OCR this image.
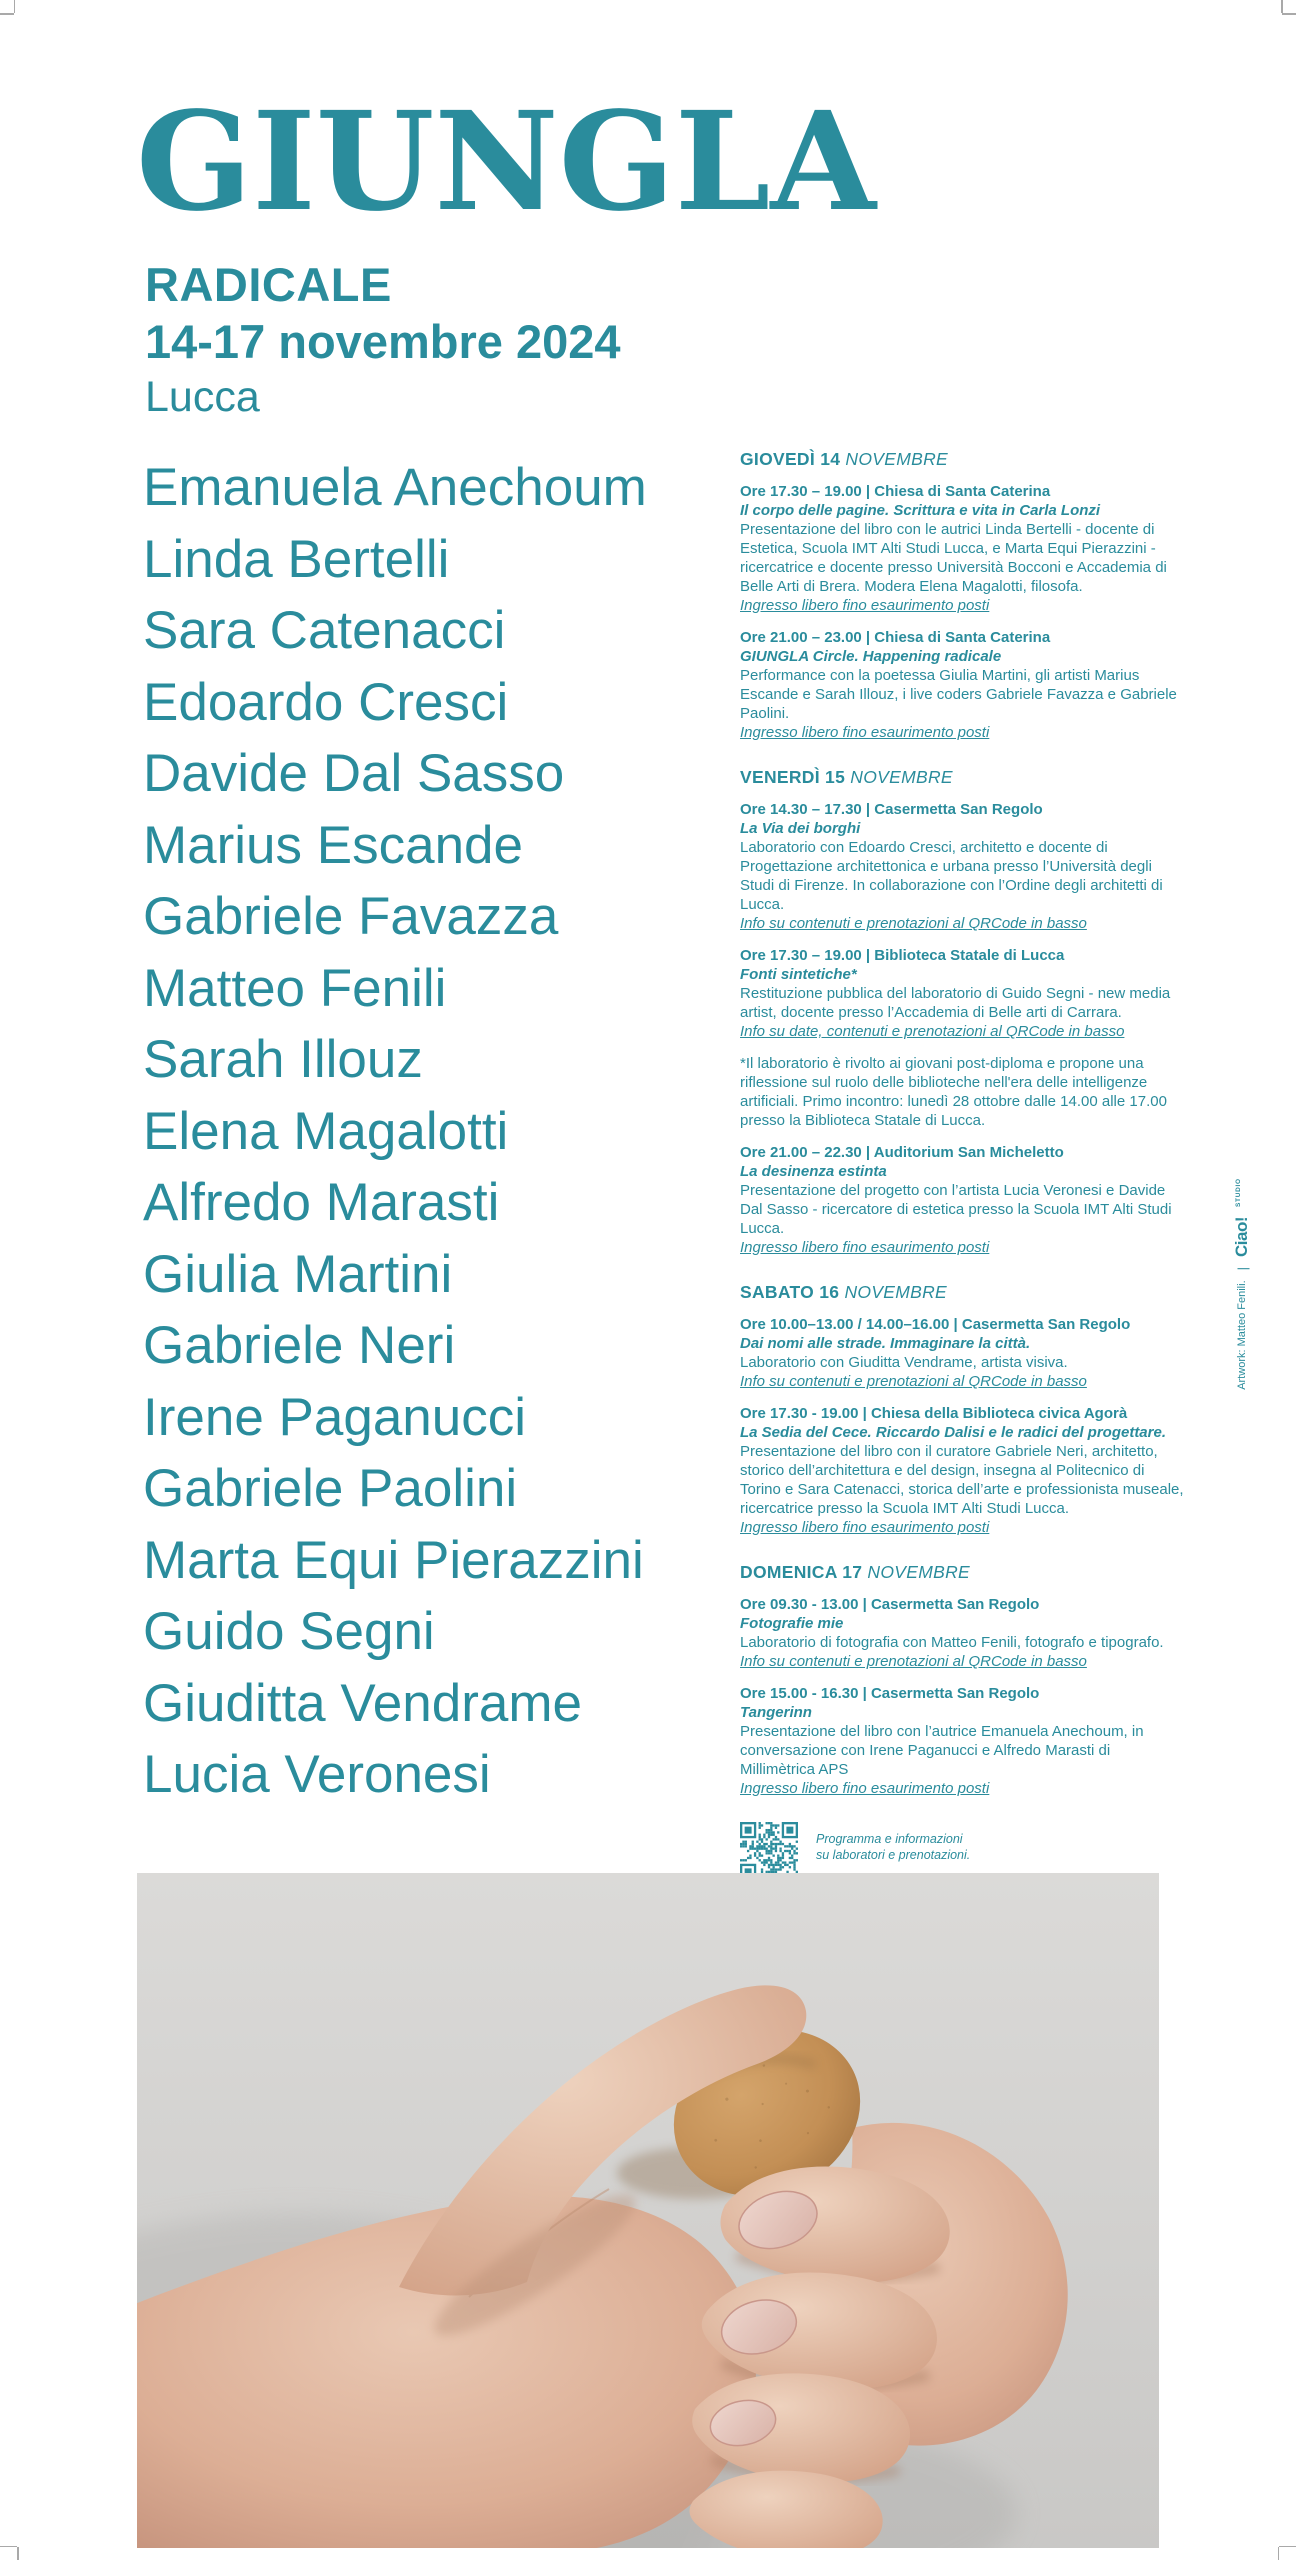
GIUNGLA
RADICALE
14-17 novembre 2024
Lucca
Emanuela Anechoum
Linda Bertelli
Sara Catenacci
Edoardo Cresci
Davide Dal Sasso
Marius Escande
Gabriele Favazza
Matteo Fenili
Sarah Illouz
Elena Magalotti
Alfredo Marasti
Giulia Martini
Gabriele Neri
Irene Paganucci
Gabriele Paolini
Marta Equi Pierazzini
Guido Segni
Giuditta Vendrame
Lucia Veronesi
GIOVEDÌ 14 NOVEMBRE
Ore 17.30 – 19.00 | Chiesa di Santa Caterina
Il corpo delle pagine. Scrittura e vita in Carla Lonzi
Presentazione del libro con le autrici Linda Bertelli - docente di Estetica, Scuola IMT Alti Studi Lucca, e Marta Equi Pierazzini - ricercatrice e docente presso Università Bocconi e Accademia di Belle Arti di Brera. Modera Elena Magalotti, filosofa.
Ingresso libero fino esaurimento posti
Ore 21.00 – 23.00 | Chiesa di Santa Caterina
GIUNGLA Circle. Happening radicale
Performance con la poetessa Giulia Martini, gli artisti Marius Escande e Sarah Illouz, i live coders Gabriele Favazza e Gabriele Paolini.
Ingresso libero fino esaurimento posti
VENERDÌ 15 NOVEMBRE
Ore 14.30 – 17.30 | Casermetta San Regolo
La Via dei borghi
Laboratorio con Edoardo Cresci, architetto e docente di Progettazione architettonica e urbana presso l’Università degli Studi di Firenze. In collaborazione con l’Ordine degli architetti di Lucca.
Info su contenuti e prenotazioni al QRCode in basso
Ore 17.30 – 19.00 | Biblioteca Statale di Lucca
Fonti sintetiche*
Restituzione pubblica del laboratorio di Guido Segni - new media artist, docente presso l’Accademia di Belle arti di Carrara.
Info su date, contenuti e prenotazioni al QRCode in basso
*Il laboratorio è rivolto ai giovani post-diploma e propone una riflessione sul ruolo delle biblioteche nell'era delle intelligenze artificiali. Primo incontro: lunedì 28 ottobre dalle 14.00 alle 17.00 presso la Biblioteca Statale di Lucca.
Ore 21.00 – 22.30 | Auditorium San Micheletto
La desinenza estinta
Presentazione del progetto con l’artista Lucia Veronesi e Davide Dal Sasso - ricercatore di estetica presso la Scuola IMT Alti Studi Lucca.
Ingresso libero fino esaurimento posti
SABATO 16 NOVEMBRE
Ore 10.00–13.00 / 14.00–16.00 | Casermetta San Regolo
Dai nomi alle strade. Immaginare la città.
Laboratorio con Giuditta Vendrame, artista visiva.
Info su contenuti e prenotazioni al QRCode in basso
Ore 17.30 - 19.00 | Chiesa della Biblioteca civica Agorà
La Sedia del Cece. Riccardo Dalisi e le radici del progettare.
Presentazione del libro con il curatore Gabriele Neri, architetto, storico dell’architettura e del design, insegna al Politecnico di Torino e Sara Catenacci, storica dell’arte e professionista museale, ricercatrice presso la Scuola IMT Alti Studi Lucca.
Ingresso libero fino esaurimento posti
DOMENICA 17 NOVEMBRE
Ore 09.30 - 13.00 | Casermetta San Regolo
Fotografie mie
Laboratorio di fotografia con Matteo Fenili, fotografo e tipografo.
Info su contenuti e prenotazioni al QRCode in basso
Ore 15.00 - 16.30 | Casermetta San Regolo
Tangerinn
Presentazione del libro con l’autrice Emanuela Anechoum, in conversazione con Irene Paganucci e Alfredo Marasti di Millimètrica APS
Ingresso libero fino esaurimento posti
Programma e informazioni
su laboratori e prenotazioni.
Artwork: Matteo Fenili.
|
Ciao!
STUDIO
